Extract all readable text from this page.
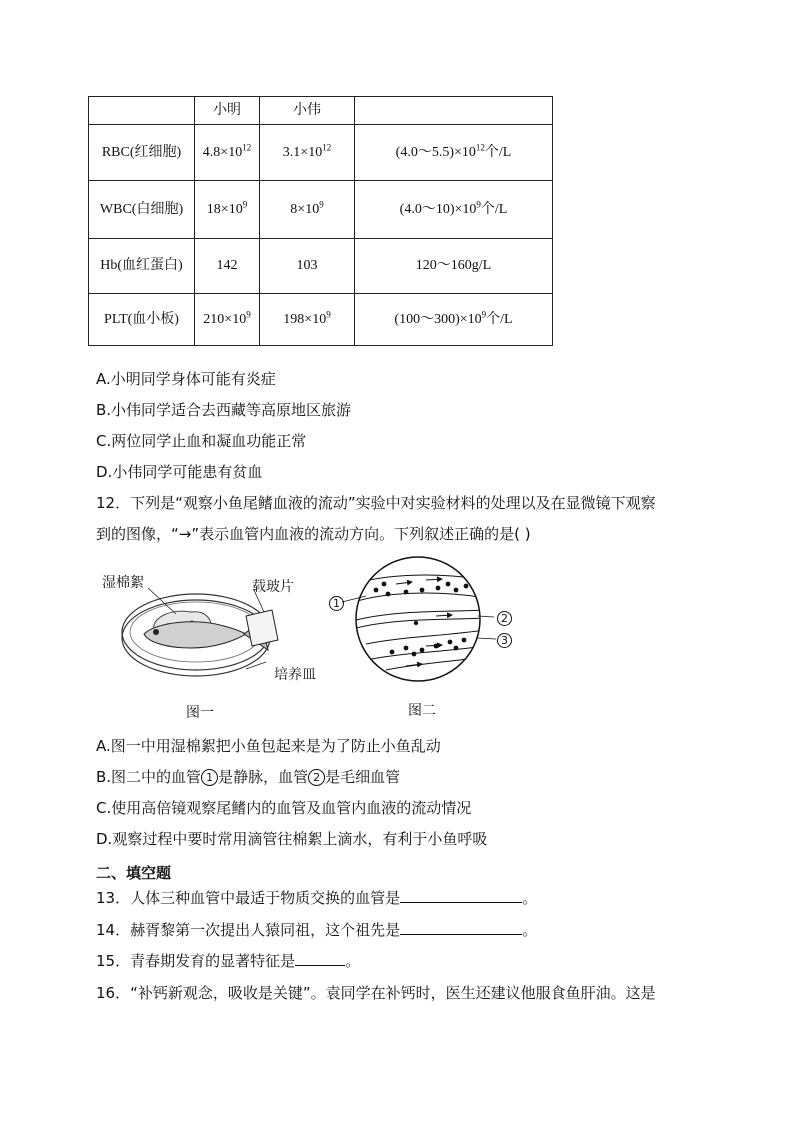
	小明	小伟	
RBC(红细胞)	$4.8\times 10^{12}$	$3.1\times 10^{12}$	$(4.0\sim 5.5)\times 10^{12}$个/L
WBC(白细胞)	$18\times 10^9$	$8\times 10^9$	$(4.0\sim 10)\times 10^9$个/L
Hb(血红蛋白)	142	103	120～160g/L
PLT(血小板)	$210\times 10^9$	$198\times 10^9$	$(100\sim 300)\times 10^9$个/L
A.小明同学身体可能有炎症
B.小伟同学适合去西藏等高原地区旅游
C.两位同学止血和凝血功能正常
D.小伟同学可能患有贫血
12．下列是“观察小鱼尾鳍血液的流动”实验中对实验材料的处理以及在显微镜下观察
到的图像，“→”表示血管内血液的流动方向。下列叙述正确的是( )
湿棉絮	载玻片
培养皿
图一
1
2
3
图二
A.图一中用湿棉絮把小鱼包起来是为了防止小鱼乱动
B.图二中的血管 1 是静脉，血管 2 是毛细血管
C.使用高倍镜观察尾鳍内的血管及血管内血液的流动情况
D.观察过程中要时常用滴管往棉絮上滴水，有利于小鱼呼吸
二、填空题
13．人体三种血管中最适于物质交换的血管是	。
14．赫胥黎第一次提出人猿同祖，这个祖先是	。
15．青春期发育的显著特征是	。
16．“补钙新观念，吸收是关键”。袁同学在补钙时，医生还建议他服食鱼肝油。这是
